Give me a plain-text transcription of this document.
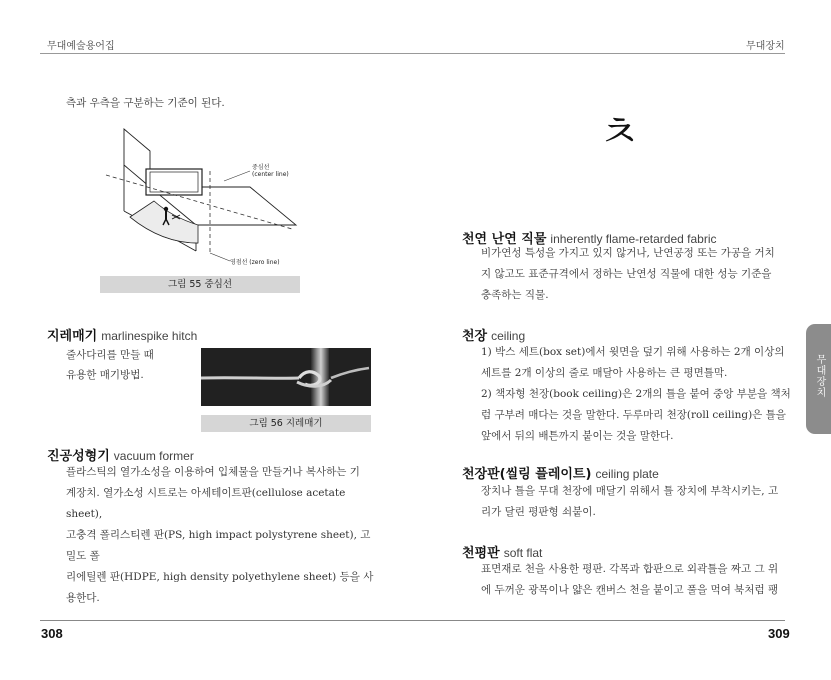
무대예술용어집	무대장치
측과 우측을 구분하는 기준이 된다.
중심선
(center line)
영점선 (zero line)
그림 55 중심선
지레매기 marlinespike hitch
줄사다리를 만들 때
유용한 매기방법.
그림 56 지레매기
진공성형기 vacuum former
플라스틱의 열가소성을 이용하여 입체물을 만들거나 복사하는 기
계장치. 열가소성 시트로는 아세테이트판(cellulose acetate sheet),
고충격 폴리스티렌 판(PS, high impact polystyrene sheet), 고밀도 폴
리에틸렌 판(HDPE, high density polyethylene sheet) 등을 사용한다.
ㅊ
천연 난연 직물 inherently flame-retarded fabric
비가연성 특성을 가지고 있지 않거나, 난연공정 또는 가공을 거치
지 않고도 표준규격에서 정하는 난연성 직물에 대한 성능 기준을
충족하는 직물.
천장 ceiling
1) 박스 세트(box set)에서 윗면을 덮기 위해 사용하는 2개 이상의
세트를 2개 이상의 줄로 매달아 사용하는 큰 평면틀막.
2) 책자형 천장(book ceiling)은 2개의 틀을 붙여 중앙 부분을 책처
럼 구부려 매다는 것을 말한다. 두루마리 천장(roll ceiling)은 틀을
앞에서 뒤의 배튼까지 붙이는 것을 말한다.
천장판(씰링 플레이트) ceiling plate
장치나 틀을 무대 천장에 매달기 위해서 틀 장치에 부착시키는, 고
리가 달린 평판형 쇠붙이.
천평판 soft flat
표면재로 천을 사용한 평판. 각목과 합판으로 외곽틀을 짜고 그 위
에 두꺼운 광목이나 얇은 캔버스 천을 붙이고 풀을 먹여 북처럼 팽
무대장치
308	309
